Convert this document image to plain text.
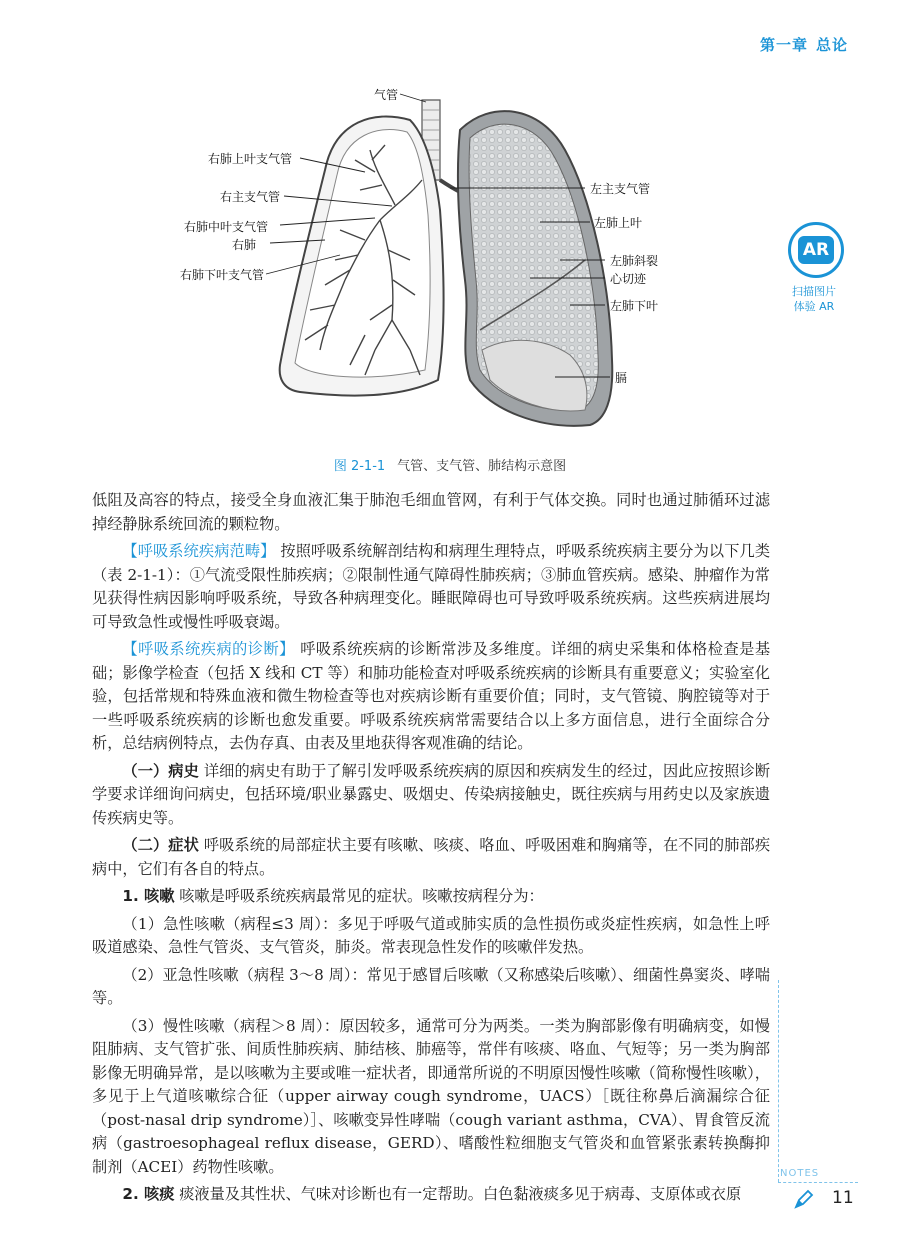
第一章 总论
气管
右肺上叶支气管
右主支气管
右肺中叶支气管
右肺
右肺下叶支气管
左主支气管
左肺上叶
左肺斜裂
心切迹
左肺下叶
膈
图 2-1-1 气管、支气管、肺结构示意图
AR
扫描图片
体验 AR

低阻及高容的特点，接受全身血液汇集于肺泡毛细血管网，有利于气体交换。同时也通过肺循环过滤掉经静脉系统回流的颗粒物。

【呼吸系统疾病范畴】 按照呼吸系统解剖结构和病理生理特点，呼吸系统疾病主要分为以下几类（表 2-1-1）：①气流受限性肺疾病；②限制性通气障碍性肺疾病；③肺血管疾病。感染、肿瘤作为常见获得性病因影响呼吸系统，导致各种病理变化。睡眠障碍也可导致呼吸系统疾病。这些疾病进展均可导致急性或慢性呼吸衰竭。

【呼吸系统疾病的诊断】 呼吸系统疾病的诊断常涉及多维度。详细的病史采集和体格检查是基础；影像学检查（包括 X 线和 CT 等）和肺功能检查对呼吸系统疾病的诊断具有重要意义；实验室化验，包括常规和特殊血液和微生物检查等也对疾病诊断有重要价值；同时，支气管镜、胸腔镜等对于一些呼吸系统疾病的诊断也愈发重要。呼吸系统疾病常需要结合以上多方面信息，进行全面综合分析，总结病例特点，去伪存真、由表及里地获得客观准确的结论。

（一）病史 详细的病史有助于了解引发呼吸系统疾病的原因和疾病发生的经过，因此应按照诊断学要求详细询问病史，包括环境/职业暴露史、吸烟史、传染病接触史，既往疾病与用药史以及家族遗传疾病史等。

（二）症状 呼吸系统的局部症状主要有咳嗽、咳痰、咯血、呼吸困难和胸痛等，在不同的肺部疾病中，它们有各自的特点。

1. 咳嗽 咳嗽是呼吸系统疾病最常见的症状。咳嗽按病程分为：

（1）急性咳嗽（病程≤3 周）：多见于呼吸气道或肺实质的急性损伤或炎症性疾病，如急性上呼吸道感染、急性气管炎、支气管炎，肺炎。常表现急性发作的咳嗽伴发热。

（2）亚急性咳嗽（病程 3～8 周）：常见于感冒后咳嗽（又称感染后咳嗽）、细菌性鼻窦炎、哮喘等。

（3）慢性咳嗽（病程＞8 周）：原因较多，通常可分为两类。一类为胸部影像有明确病变，如慢阻肺病、支气管扩张、间质性肺疾病、肺结核、肺癌等，常伴有咳痰、咯血、气短等；另一类为胸部影像无明确异常，是以咳嗽为主要或唯一症状者，即通常所说的不明原因慢性咳嗽（简称慢性咳嗽），多见于上气道咳嗽综合征（upper airway cough syndrome，UACS）［既往称鼻后滴漏综合征（post-nasal drip syndrome）］、咳嗽变异性哮喘（cough variant asthma，CVA）、胃食管反流病（gastroesophageal reflux disease，GERD）、嗜酸性粒细胞支气管炎和血管紧张素转换酶抑制剂（ACEI）药物性咳嗽。

2. 咳痰 痰液量及其性状、气味对诊断也有一定帮助。白色黏液痰多见于病毒、支原体或衣原

NOTES
11
